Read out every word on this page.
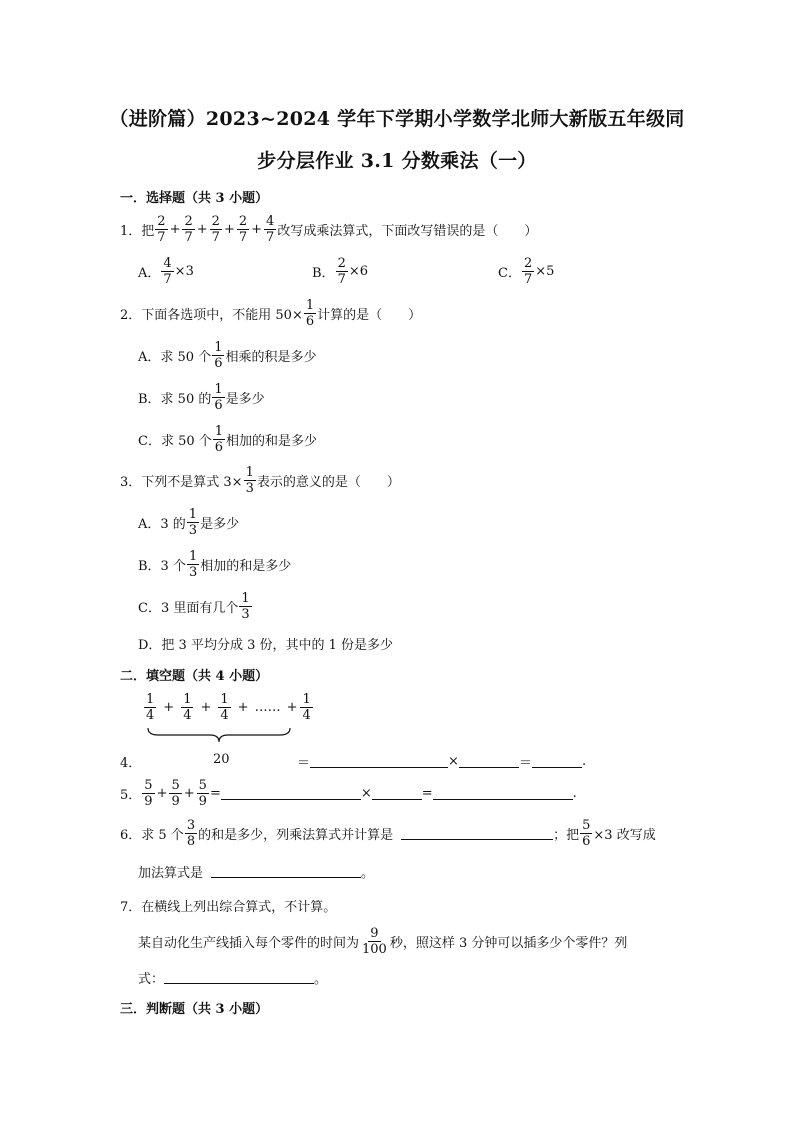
（进阶篇）2023~2024 学年下学期小学数学北师大新版五年级同
步分层作业 3.1 分数乘法（一）
一．选择题（共 3 小题）
1．把 $\frac{2}{7} + \frac{2}{7} + \frac{2}{7} + \frac{2}{7} + \frac{4}{7}$ 改写成乘法算式，下面改写错误的是（　　）
A． $\frac{4}{7} \times 3$	B． $\frac{2}{7} \times 6$	C． $\frac{2}{7} \times 5$
2．下面各选项中，不能用 $50\times \frac{1}{6}$ 计算的是（　　）
A．求 50 个 $\frac{1}{6}$ 相乘的积是多少
B．求 50 的 $\frac{1}{6}$ 是多少
C．求 50 个 $\frac{1}{6}$ 相加的和是多少
3．下列不是算式 $3\times \frac{1}{3}$ 表示的意义的是（　　）
A．3 的 $\frac{1}{3}$ 是多少
B．3 个 $\frac{1}{3}$ 相加的和是多少
C．3 里面有几个 $\frac{1}{3}$
D．把 3 平均分成 3 份，其中的 1 份是多少
二．填空题（共 4 小题）
$\frac{1}{4} + \frac{1}{4} + \frac{1}{4}$ + …… + $\frac{1}{4}$
4．	20	＝	×	＝	.
5． $\frac{5}{9} + \frac{5}{9} + \frac{5}{9}$ =	×	=	.
6．求 5 个 $\frac{3}{8}$ 的和是多少，列乘法算式并计算是	；把 $\frac{5}{6} \times 3$ 改写成
加法算式是	。
7．在横线上列出综合算式，不计算。
某自动化生产线插入每个零件的时间为 $\frac{9}{100}$ 秒，照这样 3 分钟可以插多少个零件？列
式：	。
三．判断题（共 3 小题）
